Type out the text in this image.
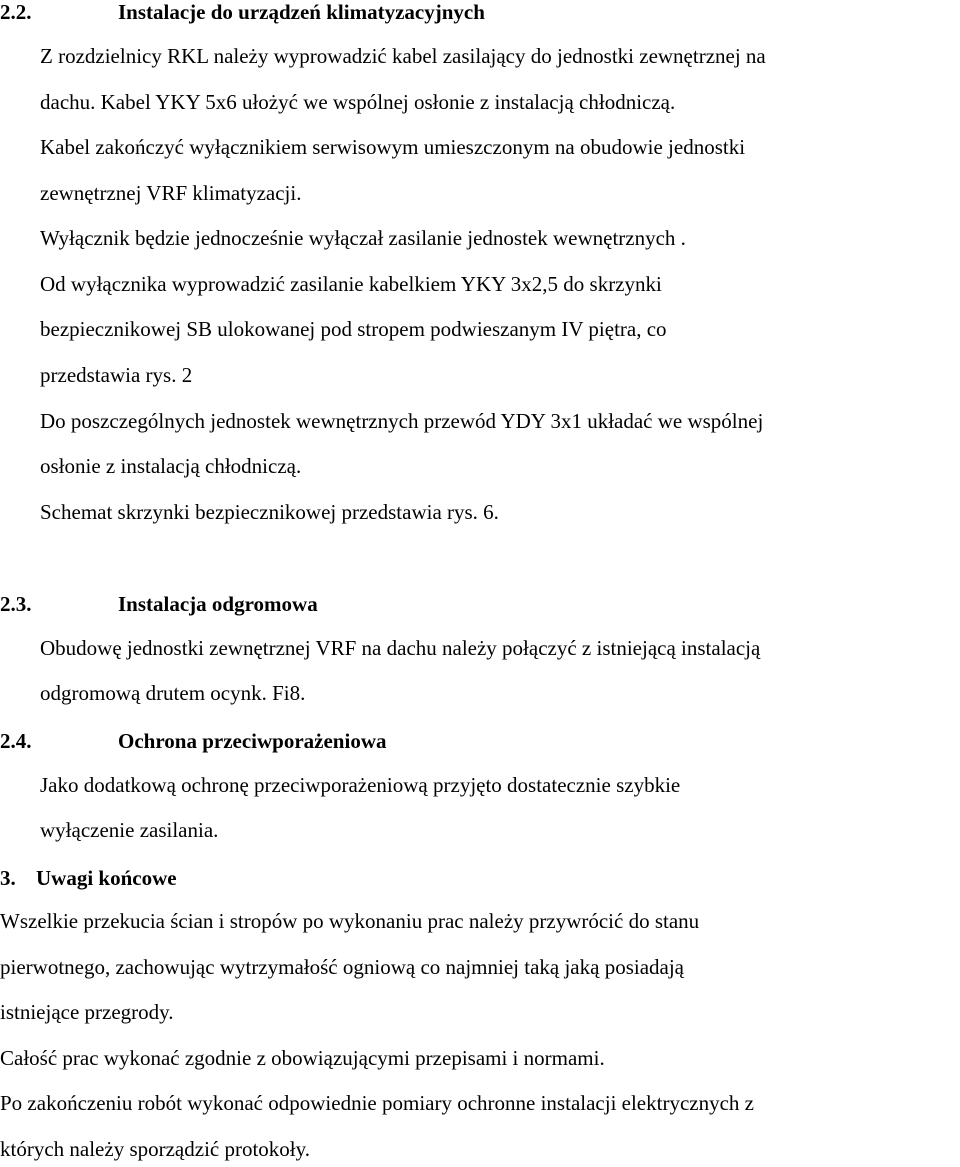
2.2.	Instalacje do urządzeń klimatyzacyjnych

Z rozdzielnicy RKL należy wyprowadzić kabel zasilający do jednostki zewnętrznej na

dachu. Kabel YKY 5x6 ułożyć we wspólnej osłonie z instalacją chłodniczą.

Kabel zakończyć wyłącznikiem serwisowym umieszczonym na obudowie jednostki

zewnętrznej VRF klimatyzacji.

Wyłącznik będzie jednocześnie wyłączał zasilanie jednostek wewnętrznych .

Od wyłącznika wyprowadzić zasilanie kabelkiem YKY 3x2,5 do skrzynki

bezpiecznikowej SB ulokowanej pod stropem podwieszanym IV piętra, co

przedstawia rys. 2

Do poszczególnych jednostek wewnętrznych przewód YDY 3x1 układać we wspólnej

osłonie z instalacją chłodniczą.

Schemat skrzynki bezpiecznikowej przedstawia rys. 6.

2.3.	Instalacja odgromowa

Obudowę jednostki zewnętrznej VRF na dachu należy połączyć z istniejącą instalacją

odgromową drutem ocynk. Fi8.

2.4.	Ochrona przeciwporażeniowa

Jako dodatkową ochronę przeciwporażeniową przyjęto dostatecznie szybkie

wyłączenie zasilania.

3. Uwagi końcowe

Wszelkie przekucia ścian i stropów po wykonaniu prac należy przywrócić do stanu

pierwotnego, zachowując wytrzymałość ogniową co najmniej taką jaką posiadają

istniejące przegrody.

Całość prac wykonać zgodnie z obowiązującymi przepisami i normami.

Po zakończeniu robót wykonać odpowiednie pomiary ochronne instalacji elektrycznych z

których należy sporządzić protokoły.
